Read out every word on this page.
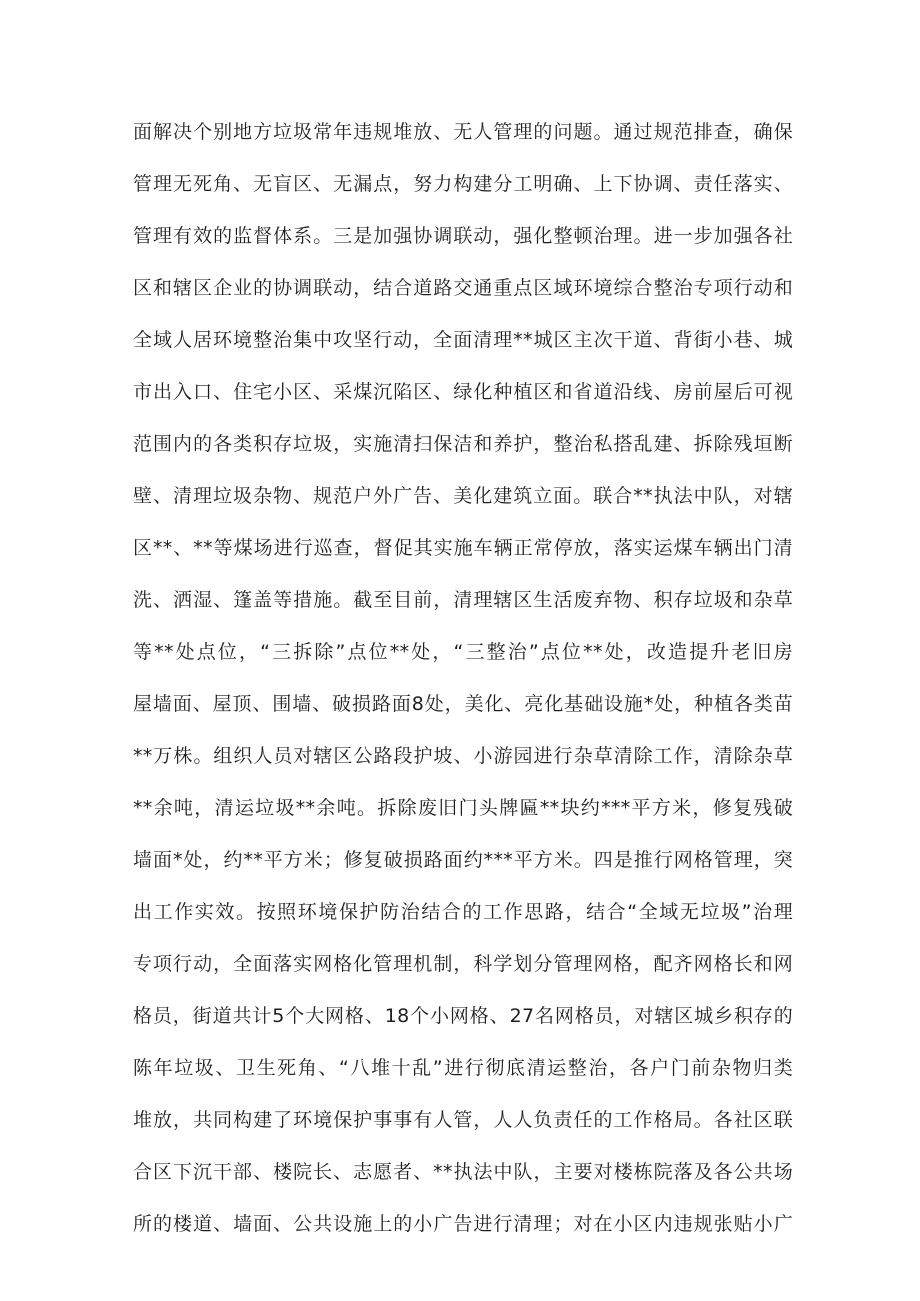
面解决个别地方垃圾常年违规堆放、无人管理的问题。通过规范排查，确保
管理无死角、无盲区、无漏点，努力构建分工明确、上下协调、责任落实、
管理有效的监督体系。三是加强协调联动，强化整顿治理。进一步加强各社
区和辖区企业的协调联动，结合道路交通重点区域环境综合整治专项行动和
全域人居环境整治集中攻坚行动，全面清理**城区主次干道、背街小巷、城
市出入口、住宅小区、采煤沉陷区、绿化种植区和省道沿线、房前屋后可视
范围内的各类积存垃圾，实施清扫保洁和养护，整治私搭乱建、拆除残垣断
壁、清理垃圾杂物、规范户外广告、美化建筑立面。联合**执法中队，对辖
区**、**等煤场进行巡查，督促其实施车辆正常停放，落实运煤车辆出门清
洗、洒湿、篷盖等措施。截至目前，清理辖区生活废弃物、积存垃圾和杂草
等**处点位，“三拆除”点位**处，“三整治”点位**处，改造提升老旧房
屋墙面、屋顶、围墙、破损路面8处，美化、亮化基础设施*处，种植各类苗
**万株。组织人员对辖区公路段护坡、小游园进行杂草清除工作，清除杂草
**余吨，清运垃圾**余吨。拆除废旧门头牌匾**块约***平方米，修复残破
墙面*处，约**平方米；修复破损路面约***平方米。四是推行网格管理，突
出工作实效。按照环境保护防治结合的工作思路，结合“全域无垃圾”治理
专项行动，全面落实网格化管理机制，科学划分管理网格，配齐网格长和网
格员，街道共计5个大网格、18个小网格、27名网格员，对辖区城乡积存的
陈年垃圾、卫生死角、“八堆十乱”进行彻底清运整治，各户门前杂物归类
堆放，共同构建了环境保护事事有人管，人人负责任的工作格局。各社区联
合区下沉干部、楼院长、志愿者、**执法中队，主要对楼栋院落及各公共场
所的楼道、墙面、公共设施上的小广告进行清理；对在小区内违规张贴小广
